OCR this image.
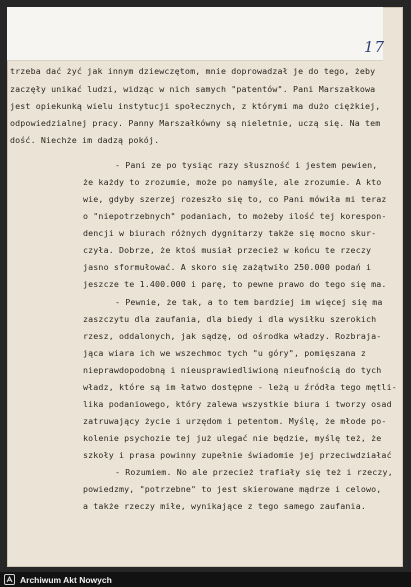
17
trzeba dać żyć jak innym dziewczętom, mnie doprowadzał je do tego, żeby
zaczęły unikać ludzi, widząc w nich samych "patentów". Pani Marszałkowa
jest opiekunką wielu instytucji społecznych, z którymi ma dużo ciężkiej,
odpowiedzialnej pracy. Panny Marszałkówny są nieletnie, uczą się. Na tem
dość. Niechże im dadzą pokój.
- Pani ze po tysiąc razy słuszność i jestem pewien,
że każdy to zrozumie, może po namyśle, ale zrozumie. A kto
wie, gdyby szerzej rozeszło się to, co Pani mówiła mi teraz
o "niepotrzebnych" podaniach, to możeby ilość tej korespon-
dencji w biurach różnych dygnitarzy także się mocno skur-
czyła. Dobrze, że ktoś musiał przecież w końcu te rzeczy
jasno sformułować. A skoro się zażątwiło 250.000 podań i
jeszcze te 1.400.000 i parę, to pewne prawo do tego się ma.
- Pewnie, że tak, a to tem bardziej im więcej się ma
zaszczytu dla zaufania, dla biedy i dla wysiłku szerokich
rzesz, oddalonych, jak sądzę, od ośrodka władzy. Rozbraja-
jąca wiara ich we wszechmoc tych "u góry", pomięszana z
nieprawdopodobną i nieusprawiedliwioną nieufnością do tych
władz, które są im łatwo dostępne - leżą u źródła tego mętli-
lika podaniowego, który zalewa wszystkie biura i tworzy osad
zatruwający życie i urzędom i petentom. Myślę, że młode po-
kolenie psychozie tej już ulegać nie będzie, myślę też, że
szkoły i prasa powinny zupełnie świadomie jej przeciwdziałać
- Rozumiem. No ale przecież trafiały się też i rzeczy,
powiedzmy, "potrzebne" to jest skierowane mądrze i celowo,
a także rzeczy miłe, wynikające z tego samego zaufania.
Archiwum Akt Nowych
